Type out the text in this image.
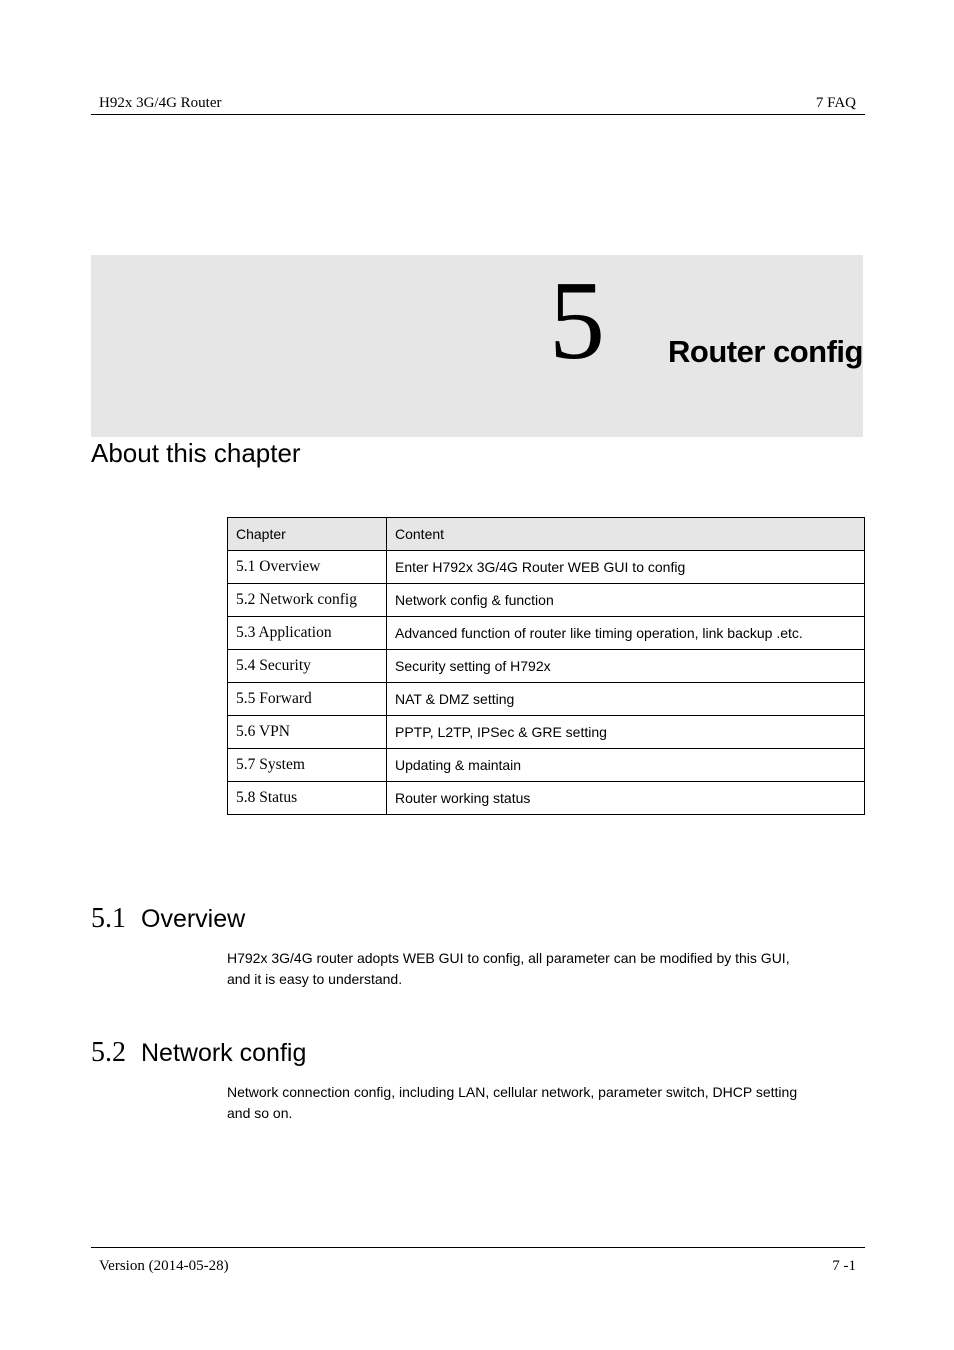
H92x 3G/4G Router	7 FAQ
5 Router config
About this chapter
Chapter	Content
5.1 Overview	Enter H792x 3G/4G Router WEB GUI to config
5.2 Network config	Network config & function
5.3 Application	Advanced function of router like timing operation, link backup .etc.
5.4 Security	Security setting of H792x
5.5 Forward	NAT & DMZ setting
5.6 VPN	PPTP, L2TP, IPSec & GRE setting
5.7 System	Updating & maintain
5.8 Status	Router working status
5.1 Overview
H792x 3G/4G router adopts WEB GUI to config, all parameter can be modified by this GUI,
and it is easy to understand.
5.2 Network config
Network connection config, including LAN, cellular network, parameter switch, DHCP setting
and so on.
Version (2014-05-28)	7 -1
